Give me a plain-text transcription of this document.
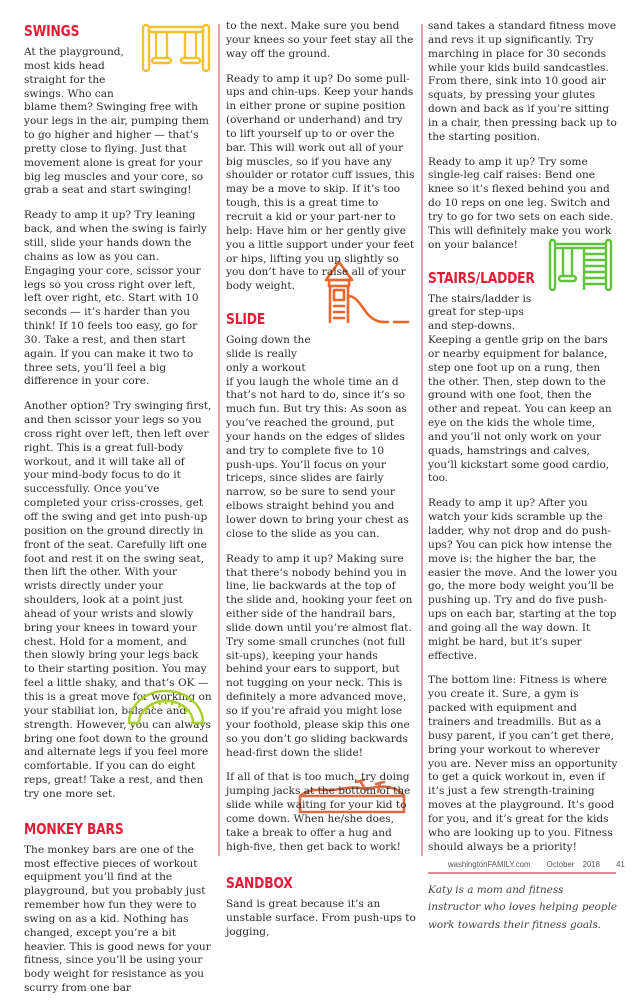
SWINGS

At the playground, most kids head straight for the swings. Who can blame them? Swinging free with your legs in the air, pumping them to go higher and higher — that’s pretty close to flying. Just that movement alone is great for your big leg muscles and your core, so grab a seat and start swinging!

Ready to amp it up? Try leaning back, and when the swing is fairly still, slide your hands down the chains as low as you can. Engaging your core, scissor your legs so you cross right over left, left over right, etc. Start with 10 seconds — it’s harder than you think! If 10 feels too easy, go for 30. Take a rest, and then start again. If you can make it two to three sets, you’ll feel a big difference in your core.

Another option? Try swinging first, and then scissor your legs so you cross right over left, then left over right. This is a great full-body workout, and it will take all of your mind-body focus to do it successfully. Once you’ve completed your criss-crosses, get off the swing and get into push-up position on the ground directly in front of the seat. Carefully lift one foot and rest it on the swing seat, then lift the other. With your wrists directly under your shoulders, look at a point just ahead of your wrists and slowly bring your knees in toward your chest. Hold for a moment, and then slowly bring your legs back to their starting position. You may feel a little shaky, and that’s OK — this is a great move for working on your stabiliat ion, balance and strength. However, you can always bring one foot down to the ground and alternate legs if you feel more comfortable. If you can do eight reps, great! Take a rest, and then try one more set.

MONKEY BARS

The monkey bars are one of the most effective pieces of workout equipment you’ll find at the playground, but you probably just remember how fun they were to swing on as a kid. Nothing has changed, except you’re a bit heavier. This is good news for your fitness, since you’ll be using your body weight for resistance as you scurry from one bar

to the next. Make sure you bend your knees so your feet stay all the way off the ground.

Ready to amp it up? Do some pull-ups and chin-ups. Keep your hands in either prone or supine position (overhand or underhand) and try to lift yourself up to or over the bar. This will work out all of your big muscles, so if you have any shoulder or rotator cuff issues, this may be a move to skip. If it’s too tough, this is a great time to recruit a kid or your part-ner to help: Have him or her gently give you a little support under your feet or hips, lifting you up slightly so you don’t have to raise all of your body weight.

SLIDE

Going down the slide is really only a workout if you laugh the whole time an d that’s not hard to do, since it’s so much fun. But try this: As soon as you’ve reached the ground, put your hands on the edges of slides and try to complete five to 10 push-ups. You’ll focus on your triceps, since slides are fairly narrow, so be sure to send your elbows straight behind you and lower down to bring your chest as close to the slide as you can.

Ready to amp it up? Making sure that there’s nobody behind you in line, lie backwards at the top of the slide and, hooking your feet on either side of the handrail bars, slide down until you’re almost flat. Try some small crunches (not full sit-ups), keeping your hands behind your ears to support, but not tugging on your neck. This is definitely a more advanced move, so if you’re afraid you might lose your foothold, please skip this one so you don’t go sliding backwards head-first down the slide!

If all of that is too much, try doing jumping jacks at the bottom of the slide while waiting for your kid to come down. When he/she does, take a break to offer a hug and high-five, then get back to work!

SANDBOX

Sand is great because it’s an unstable surface. From push-ups to jogging,

sand takes a standard fitness move and revs it up significantly. Try marching in place for 30 seconds while your kids build sandcastles. From there, sink into 10 good air squats, by pressing your glutes down and back as if you’re sitting in a chair, then pressing back up to the starting position.

Ready to amp it up? Try some single-leg calf raises: Bend one knee so it’s flexed behind you and do 10 reps on one leg. Switch and try to go for two sets on each side. This will definitely make you work on your balance!

STAIRS/LADDER

The stairs/ladder is great for step-ups and step-downs. Keeping a gentle grip on the bars or nearby equipment for balance, step one foot up on a rung, then the other. Then, step down to the ground with one foot, then the other and repeat. You can keep an eye on the kids the whole time, and you’ll not only work on your quads, hamstrings and calves, you’ll kickstart some good cardio, too.

Ready to amp it up? After you watch your kids scramble up the ladder, why not drop and do push-ups? You can pick how intense the move is: the higher the bar, the easier the move. And the lower you go, the more body weight you’ll be pushing up. Try and do five push-ups on each bar, starting at the top and going all the way down. It might be hard, but it’s super effective.

The bottom line: Fitness is where you create it. Sure, a gym is packed with equipment and trainers and treadmills. But as a busy parent, if you can’t get there, bring your workout to wherever you are. Never miss an opportunity to get a quick workout in, even if it’s just a few strength-training moves at the playground. It’s good for you, and it’s great for the kids who are looking up to you. Fitness should always be a priority!

Katy is a mom and fitness instructor who loves helping people work towards their fitness goals.

washingtonFAMILY.com October 2018 41
